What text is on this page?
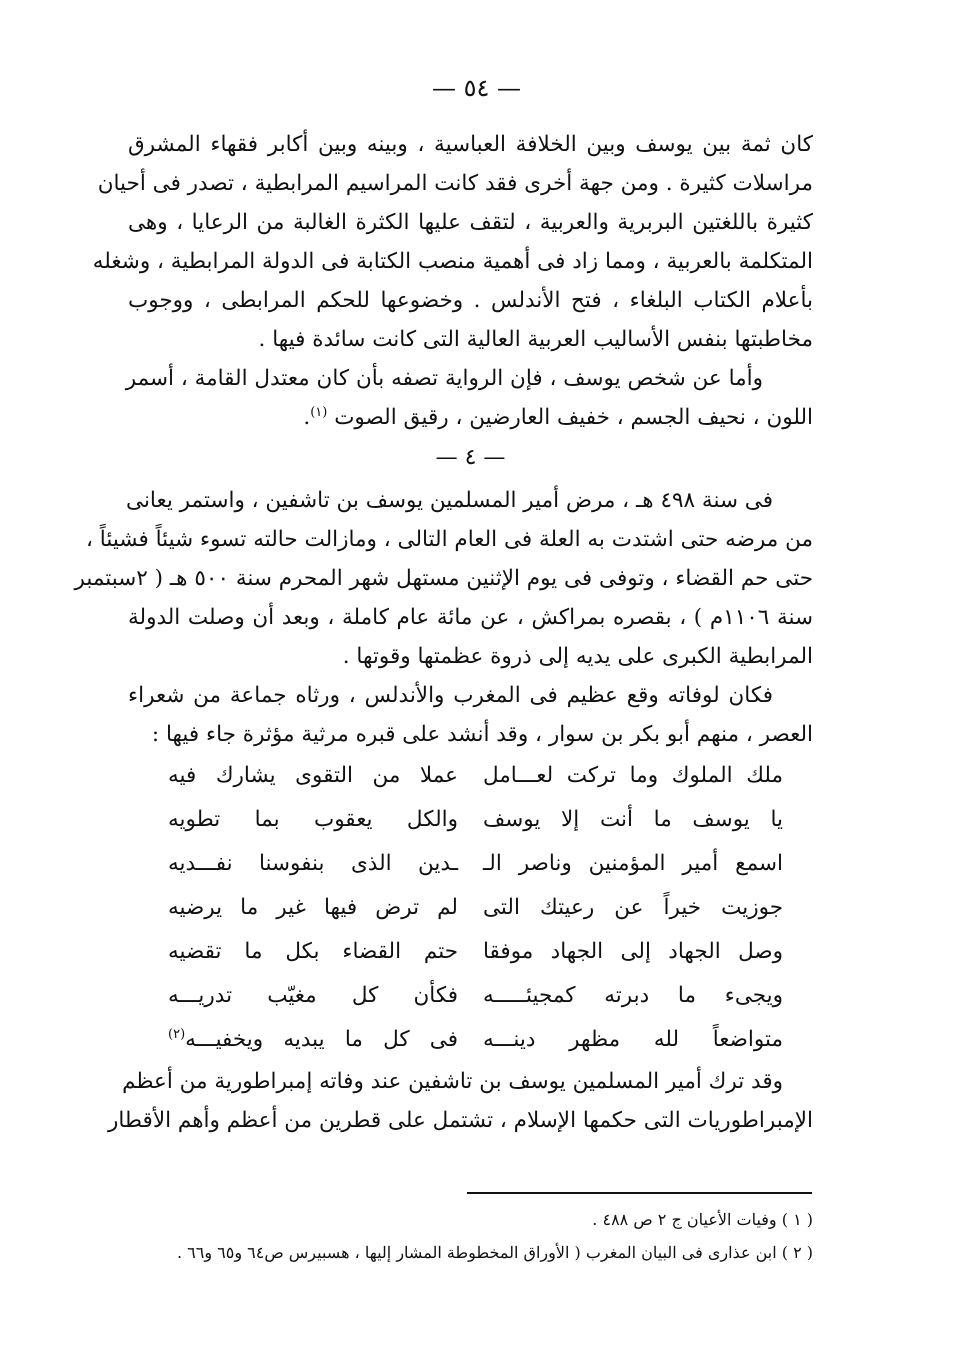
— ٥٤ —

كان ثمة بين يوسف وبين الخلافة العباسية ، وبينه وبين أكابر فقهاء المشرق
مراسلات كثيرة . ومن جهة أخرى فقد كانت المراسيم المرابطية ، تصدر فى أحيان
كثيرة باللغتين البربرية والعربية ، لتقف عليها الكثرة الغالبة من الرعايا ، وهى
المتكلمة بالعربية ، ومما زاد فى أهمية منصب الكتابة فى الدولة المرابطية ، وشغله
بأعلام الكتاب البلغاء ، فتح الأندلس . وخضوعها للحكم المرابطى ، ووجوب
مخاطبتها بنفس الأساليب العربية العالية التى كانت سائدة فيها .

وأما عن شخص يوسف ، فإن الرواية تصفه بأن كان معتدل القامة ، أسمر
اللون ، نحيف الجسم ، خفيف العارضين ، رقيق الصوت $^{(١)}$.

— ٤ —

فى سنة ٤٩٨ هـ ، مرض أمير المسلمين يوسف بن تاشفين ، واستمر يعانى
من مرضه حتى اشتدت به العلة فى العام التالى ، ومازالت حالته تسوء شيئاً فشيئاً ،
حتى حم القضاء ، وتوفى فى يوم الإثنين مستهل شهر المحرم سنة ٥٠٠ هـ ( ٢سبتمبر
سنة ١١٠٦م ) ، بقصره بمراكش ، عن مائة عام كاملة ، وبعد أن وصلت الدولة
المرابطية الكبرى على يديه إلى ذروة عظمتها وقوتها .

فكان لوفاته وقع عظيم فى المغرب والأندلس ، ورثاه جماعة من شعراء
العصر ، منهم أبو بكر بن سوار ، وقد أنشد على قبره مرثية مؤثرة جاء فيها :

ملك الملوك وما تركت لعـــامل
عملا من التقوى يشارك فيه
يا يوسف ما أنت إلا يوسف
والكل يعقوب بما تطويه
اسمع أمير المؤمنين وناصر الـ
ـدين الذى بنفوسنا نفـــديه
جوزيت خيراً عن رعيتك التى
لم ترض فيها غير ما يرضيه
وصل الجهاد إلى الجهاد موفقا
حتم القضاء بكل ما تقضيه
ويجىء ما دبرته كمجيئـــــه
فكأن كل مغيّب تدريـــه
متواضعاً لله مظهر دينـــه
فى كل ما يبديه ويخفيـــه$^{(٢)}$

وقد ترك أمير المسلمين يوسف بن تاشفين عند وفاته إمبراطورية من أعظم
الإمبراطوريات التى حكمها الإسلام ، تشتمل على قطرين من أعظم وأهم الأقطار

( ١ ) وفيات الأعيان ج ٢ ص ٤٨٨ .
( ٢ ) ابن عذارى فى البيان المغرب ( الأوراق المخطوطة المشار إليها ، هسبيرس ص٦٤ و٦٥ و٦٦ .
